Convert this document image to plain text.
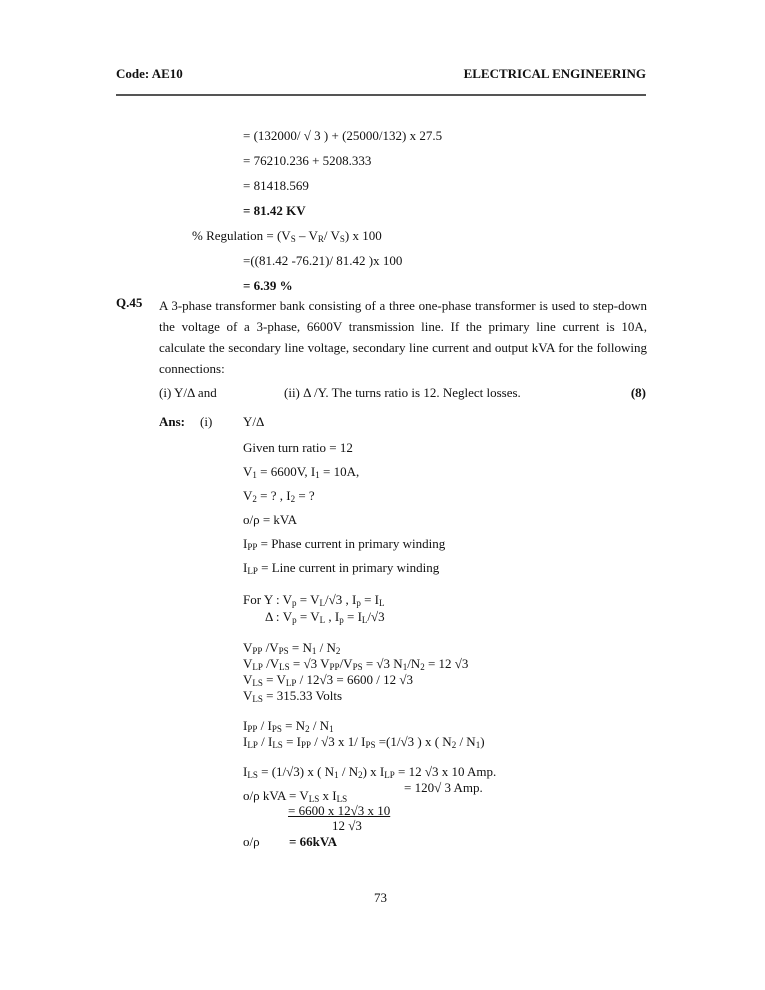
Code: AE10	ELECTRICAL ENGINEERING
= (132000/ √ 3 ) + (25000/132) x 27.5
= 76210.236 + 5208.333
= 81418.569
= 81.42 KV
% Regulation = ($V_S - V_R/$ $V_S$) x 100
=((81.42 -76.21)/ 81.42 )x 100
= 6.39 %
Q.45 A 3-phase transformer bank consisting of a three one-phase transformer is used to step-down the voltage of a 3-phase, 6600V transmission line. If the primary line current is 10A, calculate the secondary line voltage, secondary line current and output kVA for the following connections:
(i) Y/Δ and	(ii) Δ /Y. The turns ratio is 12. Neglect losses.	(8)
Ans: (i) Y/Δ
Given turn ratio = 12
$V_1 = 6600V$, $I_1 = 10A$,
$V_2$ = ? , $I_2$ = ?
o/ρ = kVA
$I_{PP}$ = Phase current in primary winding
$I_{LP}$ = Line current in primary winding
For Y : $V_p = V_L/√3$ , $I_p = I_L$
Δ : $V_p = V_L$ , $I_p = I_L/√3$
$V_{PP}$ $/V_{PS} = N_1 / N_2$
$V_{LP}$ $/V_{LS} = √3$ $V_{PP}/V_{PS} = √3$ $N_1/N_2 = 12$ √3
$V_{LS} = V_{LP} / 12√3 = 6600 / 12$ √3
$V_{LS} = 315.33$ Volts
$I_{PP} / I_{PS} = N_2 / N_1$
$I_{LP} / I_{LS} = I_{PP} / √3$ x 1/ $I_{PS} =(1/√3$ ) x ( $N_2 / N_1$)
$I_{LS} = (1/√3)$ x ( $N_1 / N_2$) x $I_{LP} = 12$ √3 x 10 Amp.
= 120√ 3 Amp.
o/ρ kVA = $V_{LS}$ x $I_{LS}$
= 6600 x 12√3 x 10
12 √3
o/ρ = 66kVA
73
